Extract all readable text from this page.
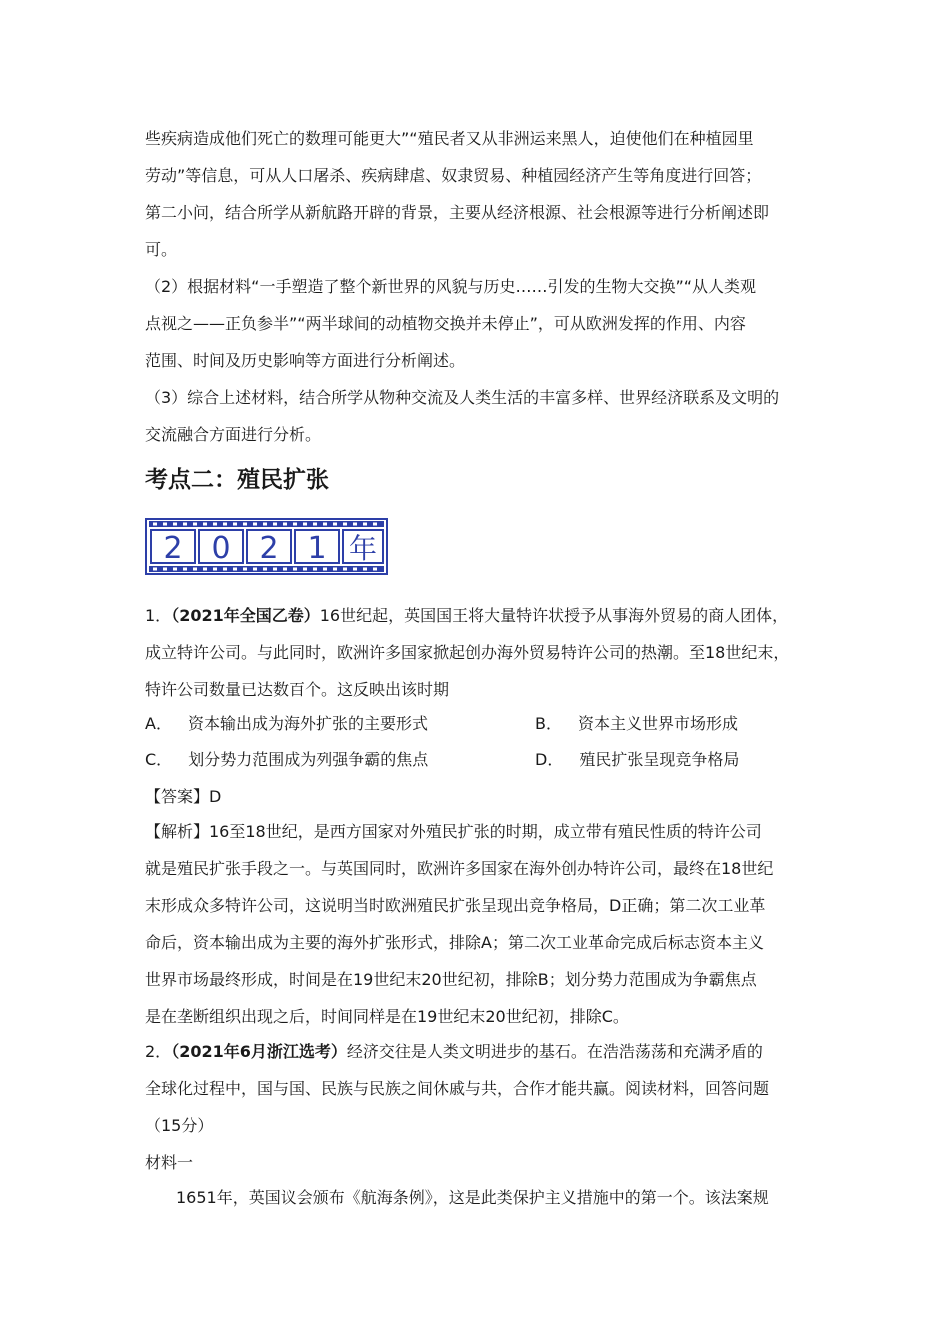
些疾病造成他们死亡的数理可能更大”“殖民者又从非洲运来黑人，迫使他们在种植园里
劳动”等信息，可从人口屠杀、疾病肆虐、奴隶贸易、种植园经济产生等角度进行回答；
第二小问，结合所学从新航路开辟的背景，主要从经济根源、社会根源等进行分析阐述即
可。
（2）根据材料“一手塑造了整个新世界的风貌与历史……引发的生物大交换”“从人类观
点视之——正负参半”“两半球间的动植物交换并未停止”，可从欧洲发挥的作用、内容
范围、时间及历史影响等方面进行分析阐述。
（3）综合上述材料，结合所学从物种交流及人类生活的丰富多样、世界经济联系及文明的
交流融合方面进行分析。
考点二：殖民扩张
2 0 2 1 年
1．（2021年全国乙卷）16世纪起，英国国王将大量特许状授予从事海外贸易的商人团体，
成立特许公司。与此同时，欧洲许多国家掀起创办海外贸易特许公司的热潮。至18世纪末，
特许公司数量已达数百个。这反映出该时期
A．  资本输出成为海外扩张的主要形式	B．  资本主义世界市场形成
C．  划分势力范围成为列强争霸的焦点	D．  殖民扩张呈现竞争格局
【答案】D
【解析】16至18世纪，是西方国家对外殖民扩张的时期，成立带有殖民性质的特许公司
就是殖民扩张手段之一。与英国同时，欧洲许多国家在海外创办特许公司，最终在18世纪
末形成众多特许公司，这说明当时欧洲殖民扩张呈现出竞争格局，D正确；第二次工业革
命后，资本输出成为主要的海外扩张形式，排除A；第二次工业革命完成后标志资本主义
世界市场最终形成，时间是在19世纪末20世纪初，排除B；划分势力范围成为争霸焦点
是在垄断组织出现之后，时间同样是在19世纪末20世纪初，排除C。
2．（2021年6月浙江选考）经济交往是人类文明进步的基石。在浩浩荡荡和充满矛盾的
全球化过程中，国与国、民族与民族之间休戚与共，合作才能共赢。阅读材料，回答问题
（15分）
材料一
1651年，英国议会颁布《航海条例》，这是此类保护主义措施中的第一个。该法案规
